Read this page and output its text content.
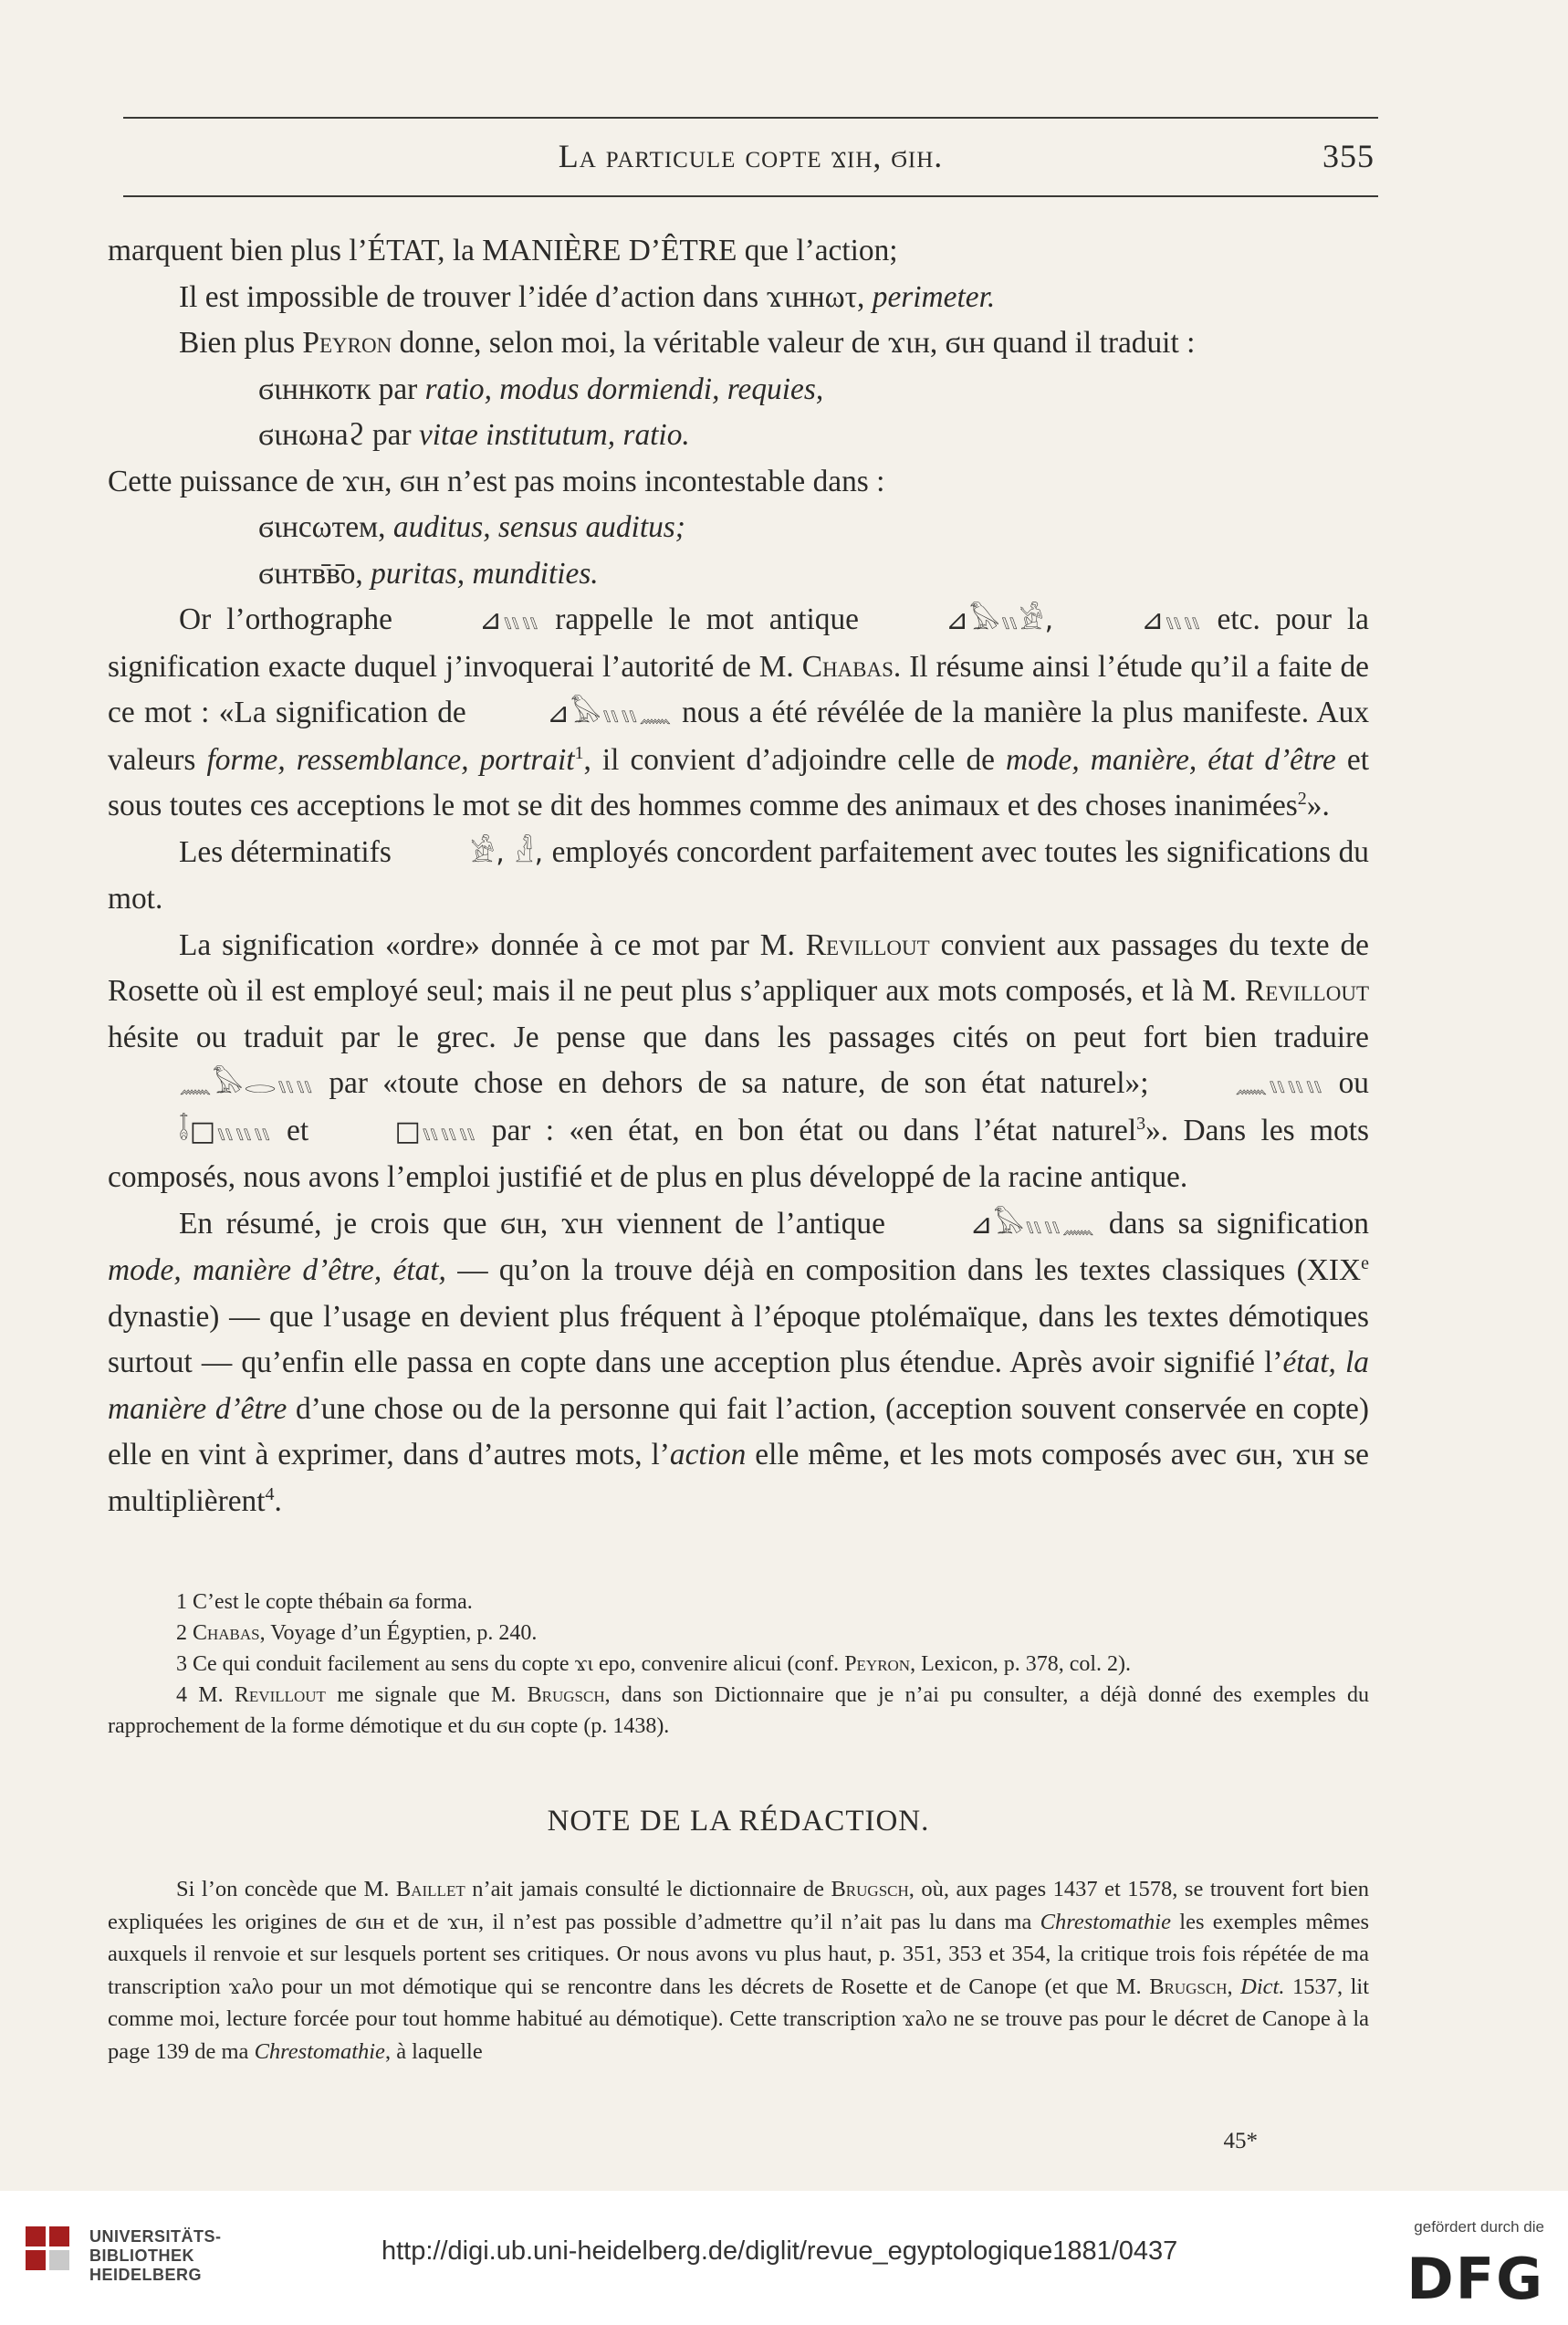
La particule copte ϫιн, ϭιн.	355

marquent bien plus l’ÉTAT, la MANIÈRE D’ÊTRE que l’action;

Il est impossible de trouver l’idée d’action dans ϫιннωτ, perimeter.

Bien plus Peyron donne, selon moi, la véritable valeur de ϫιн, ϭιн quand il traduit :

ϭιннкотк par ratio, modus dormiendi, requies,

ϭιнωнаϩ par vitae institutum, ratio.

Cette puissance de ϫιн, ϭιн n’est pas moins incontestable dans :

ϭιнсωтем, auditus, sensus auditus;

ϭιнтв̄в̄о, puritas, mundities.

Or l’orthographe	⊿𓏭𓏭 rappelle le mot antique	⊿𓅃𓏭𓀀,	⊿𓏭𓏭 etc. pour la signification exacte duquel j’invoquerai l’autorité de M. Chabas. Il résume ainsi l’étude qu’il a faite de ce mot : «La signification de	⊿𓅃𓏭𓏭𓈖 nous a été révélée de la manière la plus manifeste. Aux valeurs forme, ressemblance, portrait$^1$, il convient d’adjoindre celle de mode, manière, état d’être et sous toutes ces acceptions le mot se dit des hommes comme des animaux et des choses inanimées$^2$».

Les déterminatifs	𓀀, 𓁐, employés concordent parfaitement avec toutes les significations du mot.

La signification «ordre» donnée à ce mot par M. Revillout convient aux passages du texte de Rosette où il est employé seul; mais il ne peut plus s’appliquer aux mots composés, et là M. Revillout hésite ou traduit par le grec. Je pense que dans les passages cités on peut fort bien traduire 𓈖𓅃𓂋𓏭𓏭 par «toute chose en dehors de sa nature, de son état naturel»;	𓈖𓏭𓏭𓏭 ou 𓄤□𓏭𓏭𓏭 et	□𓏭𓏭𓏭 par : «en état, en bon état ou dans l’état naturel$^3$». Dans les mots composés, nous avons l’emploi justifié et de plus en plus développé de la racine antique.

En résumé, je crois que ϭιн, ϫιн viennent de l’antique	⊿𓅃𓏭𓏭𓈖 dans sa signification mode, manière d’être, état, — qu’on la trouve déjà en composition dans les textes classiques (XIXe dynastie) — que l’usage en devient plus fréquent à l’époque ptolémaïque, dans les textes démotiques surtout — qu’enfin elle passa en copte dans une acception plus étendue. Après avoir signifié l’état, la manière d’être d’une chose ou de la personne qui fait l’action, (acception souvent conservée en copte) elle en vint à exprimer, dans d’autres mots, l’action elle même, et les mots composés avec ϭιн, ϫιн se multiplièrent$^4$.

1 C’est le copte thébain ϭа forma.

2 Chabas, Voyage d’un Égyptien, p. 240.

3 Ce qui conduit facilement au sens du copte ϫι еро, convenire alicui (conf. Peyron, Lexicon, p. 378, col. 2).

4 M. Revillout me signale que M. Brugsch, dans son Dictionnaire que je n’ai pu consulter, a déjà donné des exemples du rapprochement de la forme démotique et du ϭιн copte (p. 1438).

NOTE DE LA RÉDACTION.

Si l’on concède que M. Baillet n’ait jamais consulté le dictionnaire de Brugsch, où, aux pages 1437 et 1578, se trouvent fort bien expliquées les origines de ϭιн et de ϫιн, il n’est pas possible d’admettre qu’il n’ait pas lu dans ma Chrestomathie les exemples mêmes auxquels il renvoie et sur lesquels portent ses critiques. Or nous avons vu plus haut, p. 351, 353 et 354, la critique trois fois répétée de ma transcription ϫаλо pour un mot démotique qui se rencontre dans les décrets de Rosette et de Canope (et que M. Brugsch, Dict. 1537, lit comme moi, lecture forcée pour tout homme habitué au démotique). Cette transcription ϫаλо ne se trouve pas pour le décret de Canope à la page 139 de ma Chrestomathie, à laquelle

45*
UNIVERSITÄTS-
BIBLIOTHEK
HEIDELBERG
http://digi.ub.uni-heidelberg.de/diglit/revue_egyptologique1881/0437
gefördert durch die
DFG
